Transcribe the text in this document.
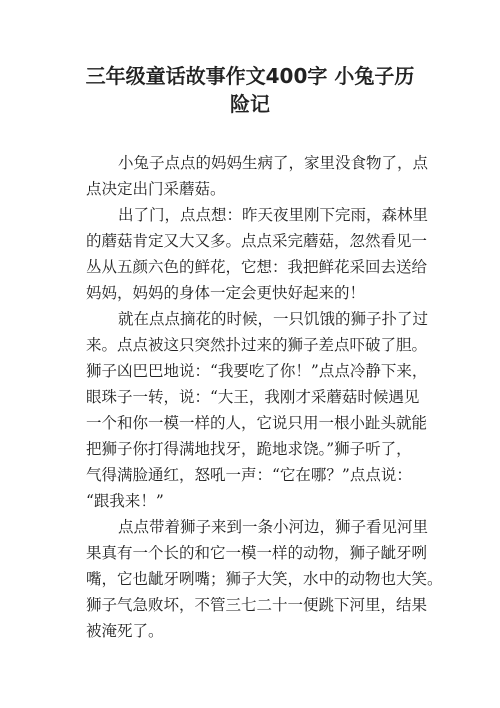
三年级童话故事作文400字 小兔子历
险记

小兔子点点的妈妈生病了，家里没食物了，点
点决定出门采蘑菇。

出了门，点点想：昨天夜里刚下完雨，森林里
的蘑菇肯定又大又多。点点采完蘑菇，忽然看见一
丛从五颜六色的鲜花，它想：我把鲜花采回去送给
妈妈，妈妈的身体一定会更快好起来的！

就在点点摘花的时候，一只饥饿的狮子扑了过
来。点点被这只突然扑过来的狮子差点吓破了胆。
狮子凶巴巴地说：“我要吃了你！”点点冷静下来，
眼珠子一转，说：“大王，我刚才采蘑菇时候遇见
一个和你一模一样的人，它说只用一根小趾头就能
把狮子你打得满地找牙，跪地求饶。”狮子听了，
气得满脸通红，怒吼一声：“它在哪？”点点说：
“跟我来！”

点点带着狮子来到一条小河边，狮子看见河里
果真有一个长的和它一模一样的动物，狮子龇牙咧
嘴，它也龇牙咧嘴；狮子大笑，水中的动物也大笑。
狮子气急败坏，不管三七二十一便跳下河里，结果
被淹死了。
